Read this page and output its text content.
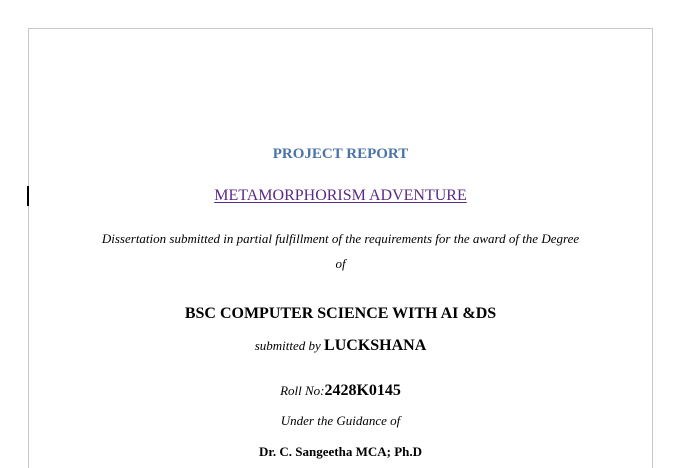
PROJECT REPORT
METAMORPHORISM ADVENTURE
Dissertation submitted in partial fulfillment of the requirements for the award of the Degree
of
BSC COMPUTER SCIENCE WITH AI &DS
submitted by LUCKSHANA
Roll No:2428K0145
Under the Guidance of
Dr. C. Sangeetha MCA; Ph.D
